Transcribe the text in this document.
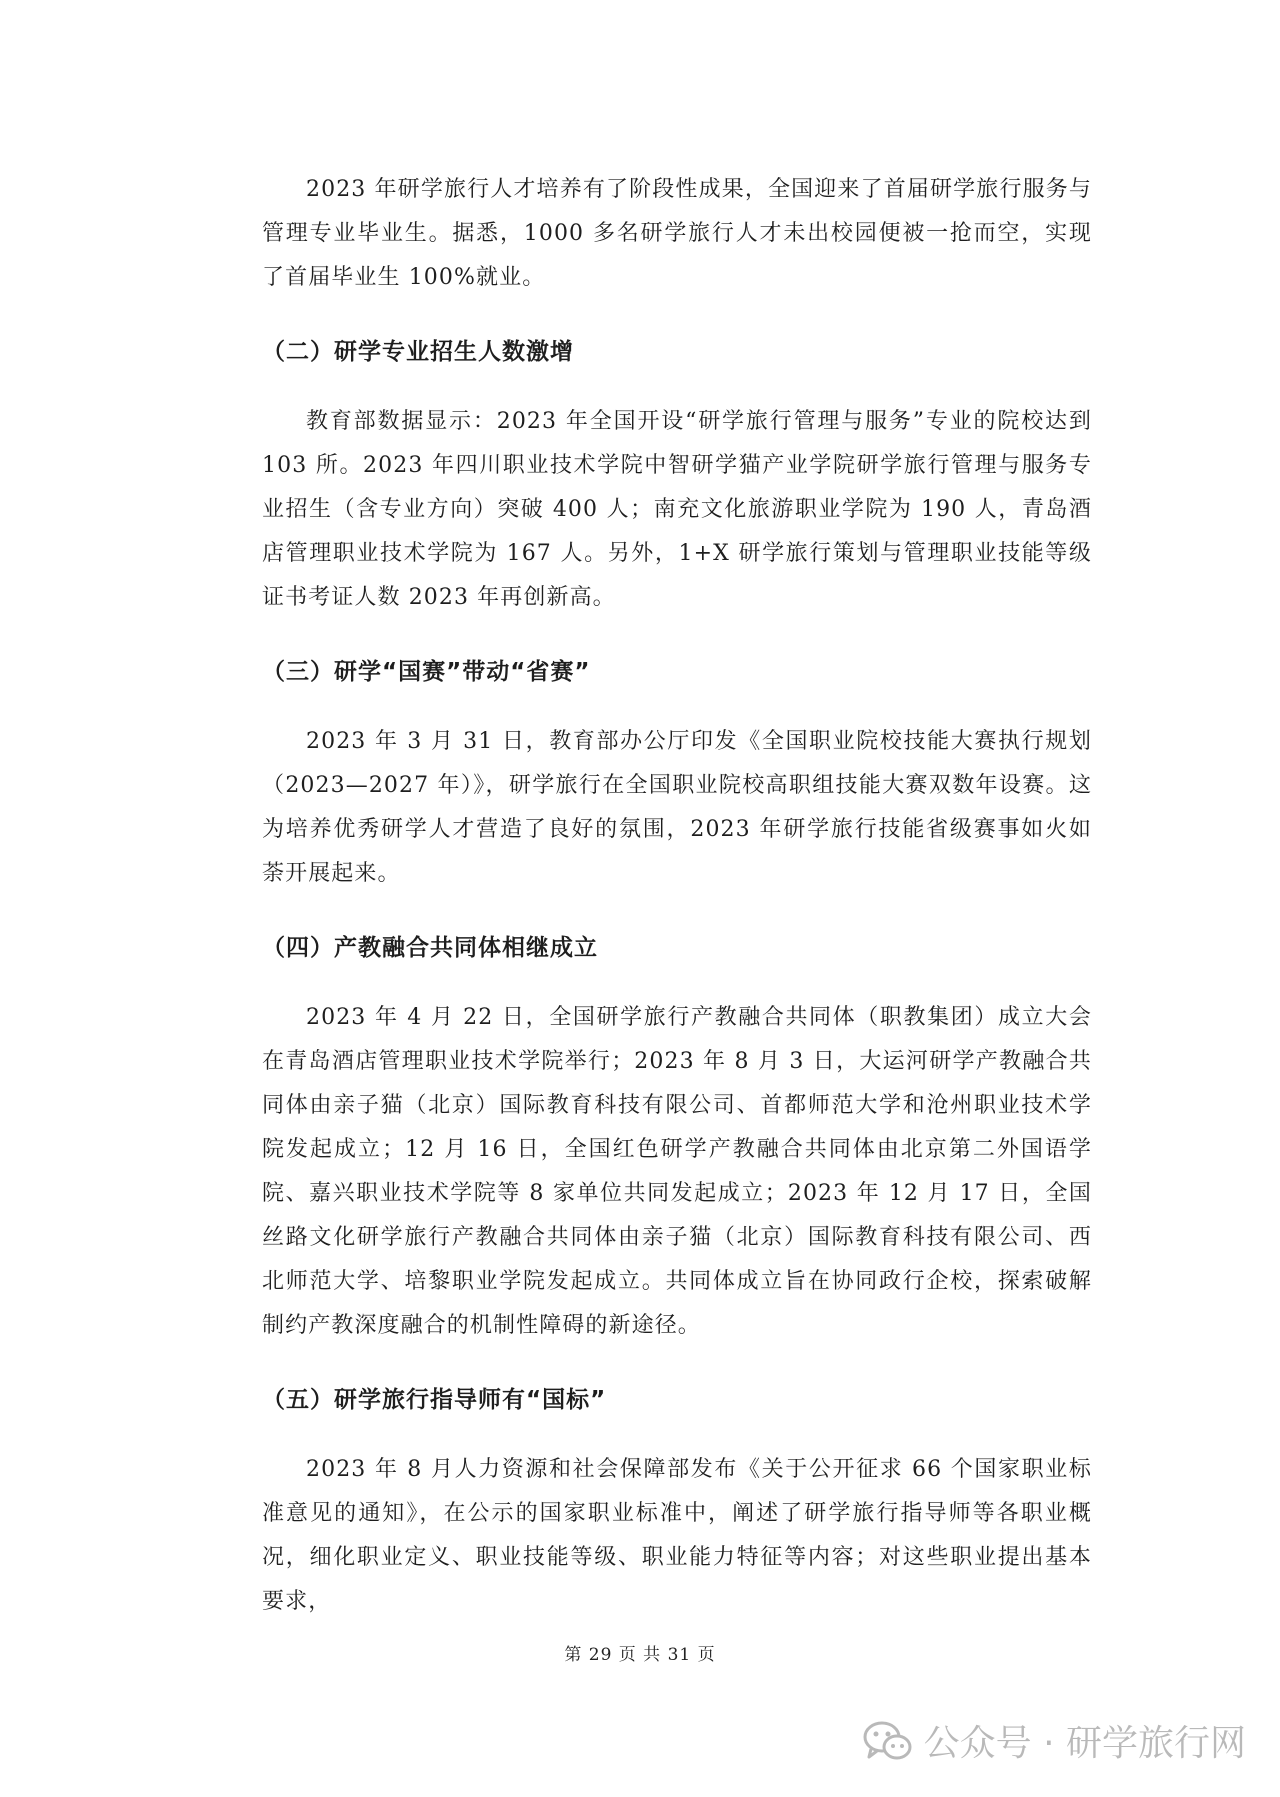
2023 年研学旅行人才培养有了阶段性成果，全国迎来了首届研学旅行服务与管理专业毕业生。据悉，1000 多名研学旅行人才未出校园便被一抢而空，实现了首届毕业生 100%就业。

（二）研学专业招生人数激增

教育部数据显示：2023 年全国开设“研学旅行管理与服务”专业的院校达到 103 所。2023 年四川职业技术学院中智研学猫产业学院研学旅行管理与服务专业招生（含专业方向）突破 400 人；南充文化旅游职业学院为 190 人，青岛酒店管理职业技术学院为 167 人。另外，1+X 研学旅行策划与管理职业技能等级证书考证人数 2023 年再创新高。

（三）研学“国赛”带动“省赛”

2023 年 3 月 31 日，教育部办公厅印发《全国职业院校技能大赛执行规划（2023—2027 年）》，研学旅行在全国职业院校高职组技能大赛双数年设赛。这为培养优秀研学人才营造了良好的氛围，2023 年研学旅行技能省级赛事如火如荼开展起来。

（四）产教融合共同体相继成立

2023 年 4 月 22 日，全国研学旅行产教融合共同体（职教集团）成立大会在青岛酒店管理职业技术学院举行；2023 年 8 月 3 日，大运河研学产教融合共同体由亲子猫（北京）国际教育科技有限公司、首都师范大学和沧州职业技术学院发起成立；12 月 16 日，全国红色研学产教融合共同体由北京第二外国语学院、嘉兴职业技术学院等 8 家单位共同发起成立；2023 年 12 月 17 日，全国丝路文化研学旅行产教融合共同体由亲子猫（北京）国际教育科技有限公司、西北师范大学、培黎职业学院发起成立。共同体成立旨在协同政行企校，探索破解制约产教深度融合的机制性障碍的新途径。

（五）研学旅行指导师有“国标”

2023 年 8 月人力资源和社会保障部发布《关于公开征求 66 个国家职业标准意见的通知》，在公示的国家职业标准中，阐述了研学旅行指导师等各职业概况，细化职业定义、职业技能等级、职业能力特征等内容；对这些职业提出基本要求，

第 29 页 共 31 页
公众号 · 研学旅行网
